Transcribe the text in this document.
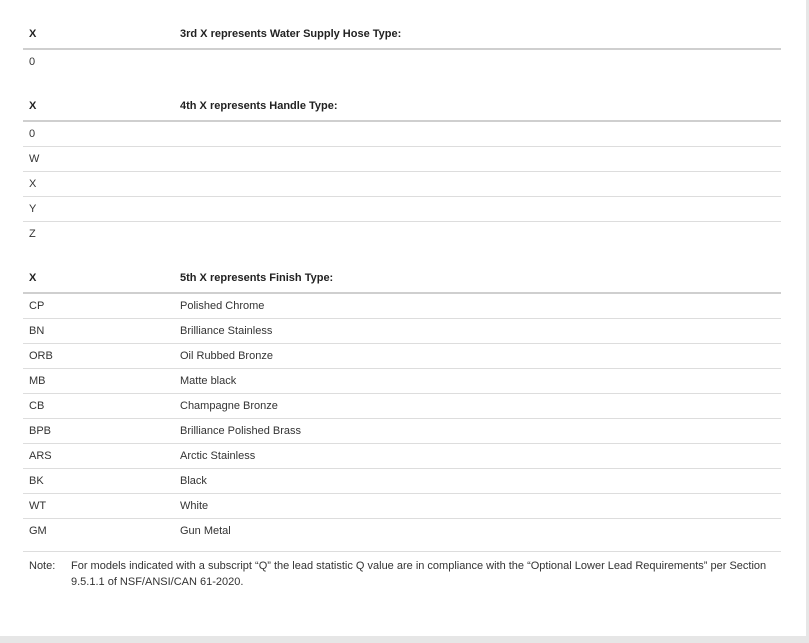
X	3rd X represents Water Supply Hose Type:
0	
X	4th X represents Handle Type:
0	
W	
X	
Y	
Z	
X	5th X represents Finish Type:
CP	Polished Chrome
BN	Brilliance Stainless
ORB	Oil Rubbed Bronze
MB	Matte black
CB	Champagne Bronze
BPB	Brilliance Polished Brass
ARS	Arctic Stainless
BK	Black
WT	White
GM	Gun Metal
Note:	For models indicated with a subscript “Q” the lead statistic Q value are in compliance with the “Optional Lower Lead Requirements” per Section 9.5.1.1 of NSF/ANSI/CAN 61-2020.
